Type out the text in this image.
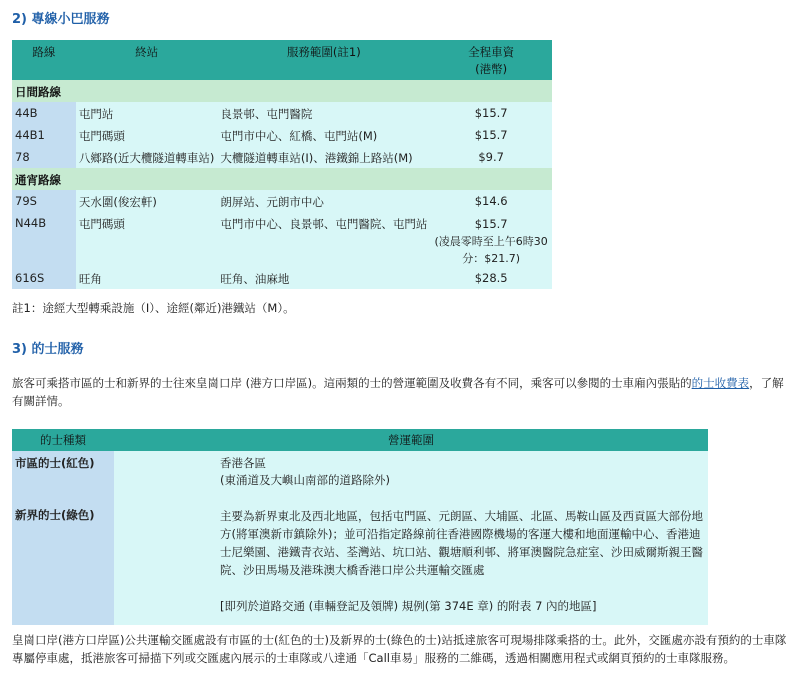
2) 專線小巴服務
路線	終站	服務範圍(註1)	全程車資
(港幣)

日間路線			
44B	屯門站	良景邨、屯門醫院	$15.7
44B1	屯門碼頭	屯門市中心、紅橋、屯門站(M)	$15.7
78	八鄉路(近大欖隧道轉車站)	大欖隧道轉車站(I)、港鐵錦上路站(M)	$9.7
通宵路線			
79S	天水圍(俊宏軒)	朗屏站、元朗市中心	$14.6
N44B	屯門碼頭	屯門市中心、良景邨、屯門醫院、屯門站	$15.7
(凌晨零時至上午6時30分：$21.7)

616S	旺角	旺角、油麻地	$28.5
註1：途經大型轉乘設施（I）、途經(鄰近)港鐵站（M）。
3) 的士服務
旅客可乘搭市區的士和新界的士往來皇崗口岸 (港方口岸區)。這兩類的士的營運範圍及收費各有不同，乘客可以參閱的士車廂內張貼的的士收費表，了解有關詳情。
的士種類	營運範圍
市區的士(紅色)	香港各區
(東涌道及大嶼山南部的道路除外)

新界的士(綠色)	主要為新界東北及西北地區，包括屯門區、元朗區、大埔區、北區、馬鞍山區及西貢區大部份地方(將軍澳新市鎮除外)；並可沿指定路線前往香港國際機場的客運大樓和地面運輸中心、香港迪士尼樂園、港鐵青衣站、荃灣站、坑口站、觀塘順利邨、將軍澳醫院急症室、沙田威爾斯親王醫院、沙田馬場及港珠澳大橋香港口岸公共運輸交匯處
[即列於道路交通 (車輛登記及領牌) 規例(第 374E 章) 的附表 7 內的地區]
皇崗口岸(港方口岸區)公共運輸交匯處設有市區的士(紅色的士)及新界的士(綠色的士)站抵達旅客可現場排隊乘搭的士。此外，交匯處亦設有預約的士車隊專屬停車處，抵港旅客可掃描下列或交匯處內展示的士車隊或八達通「Call車易」服務的二維碼，透過相關應用程式或網頁預約的士車隊服務。
